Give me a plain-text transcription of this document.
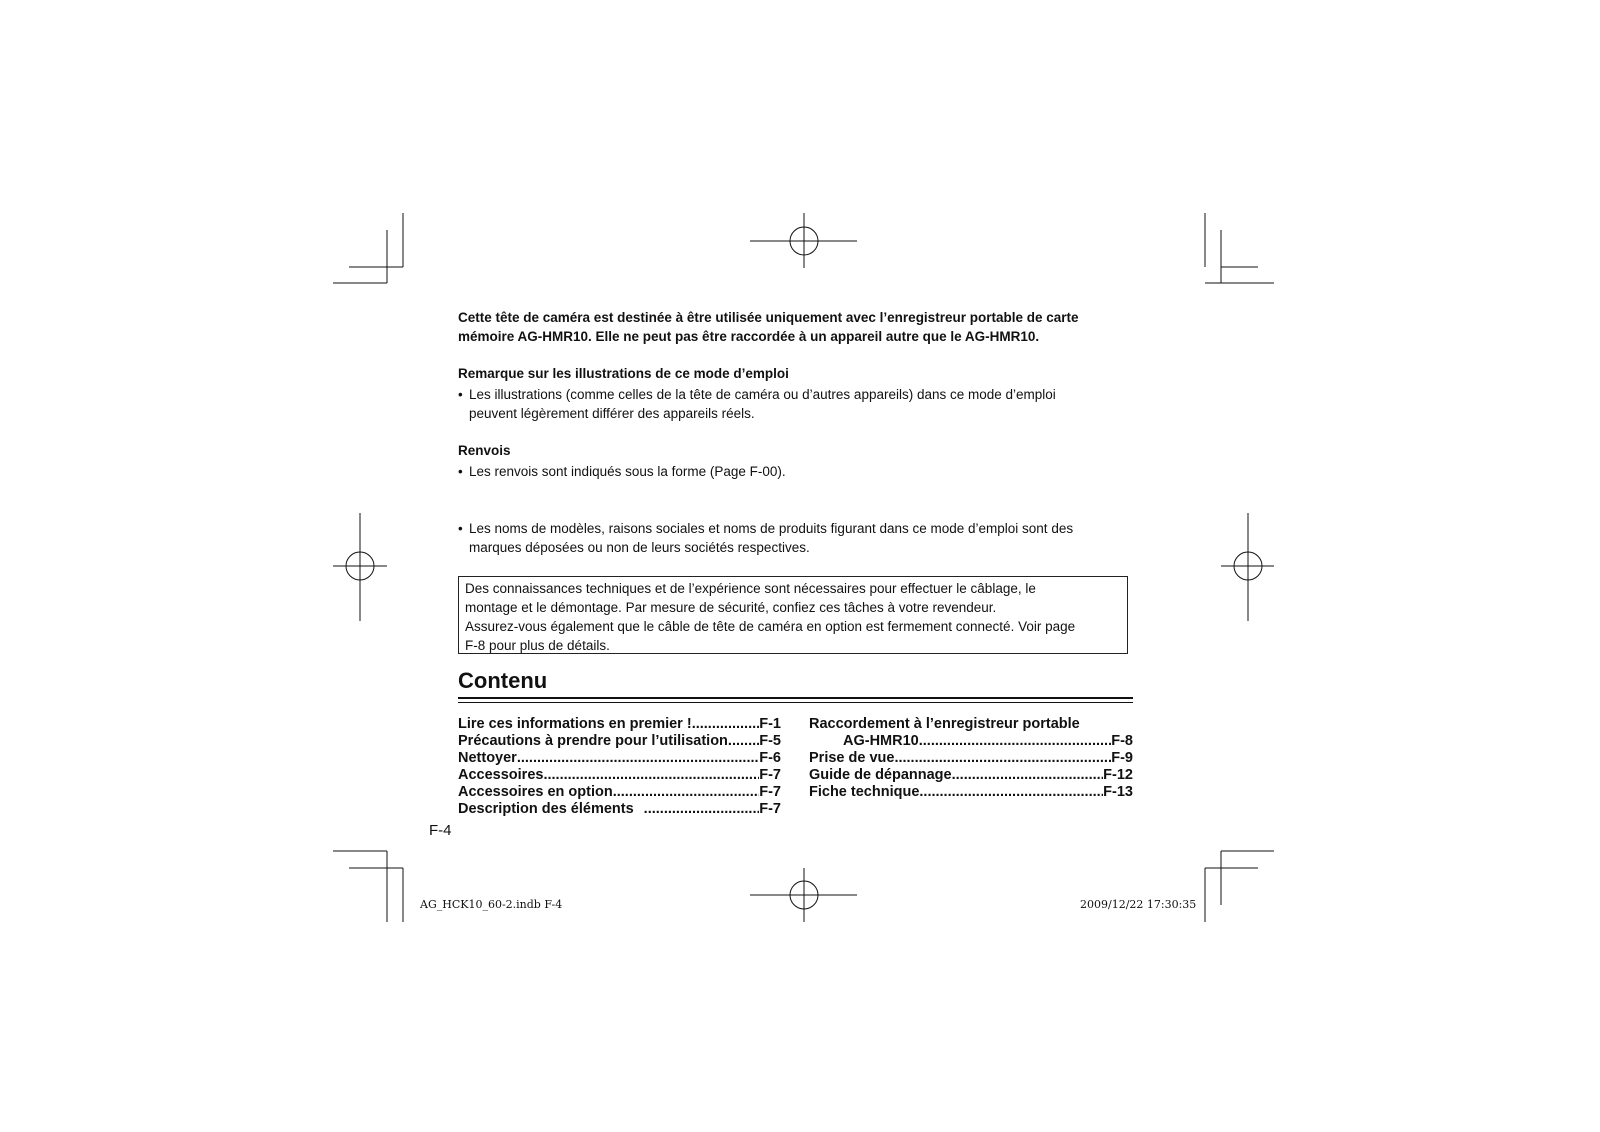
Cette tête de caméra est destinée à être utilisée uniquement avec l’enregistreur portable de carte
mémoire AG-HMR10. Elle ne peut pas être raccordée à un appareil autre que le AG-HMR10.
Remarque sur les illustrations de ce mode d’emploi
• Les illustrations (comme celles de la tête de caméra ou d’autres appareils) dans ce mode d’emploi
peuvent légèrement différer des appareils réels.
Renvois
• Les renvois sont indiqués sous la forme (Page F-00).
• Les noms de modèles, raisons sociales et noms de produits figurant dans ce mode d’emploi sont des
marques déposées ou non de leurs sociétés respectives.
Des connaissances techniques et de l’expérience sont nécessaires pour effectuer le câblage, le
montage et le démontage. Par mesure de sécurité, confiez ces tâches à votre revendeur.
Assurez-vous également que le câble de tête de caméra en option est fermement connecté. Voir page
F-8 pour plus de détails.
Contenu
Lire ces informations en premier ! .....	F-1
Précautions à prendre pour l’utilisation ..... F-5
Nettoyer .....	F-6
Accessoires .....	F-7
Accessoires en option .....	F-7
Description des éléments .....	F-7
Raccordement à l’enregistreur portable
AG-HMR10 .....	F-8
Prise de vue .....	F-9
Guide de dépannage .....	F-12
Fiche technique .....	F-13
F-4
AG_HCK10_60-2.indb F-4	2009/12/22 17:30:35
